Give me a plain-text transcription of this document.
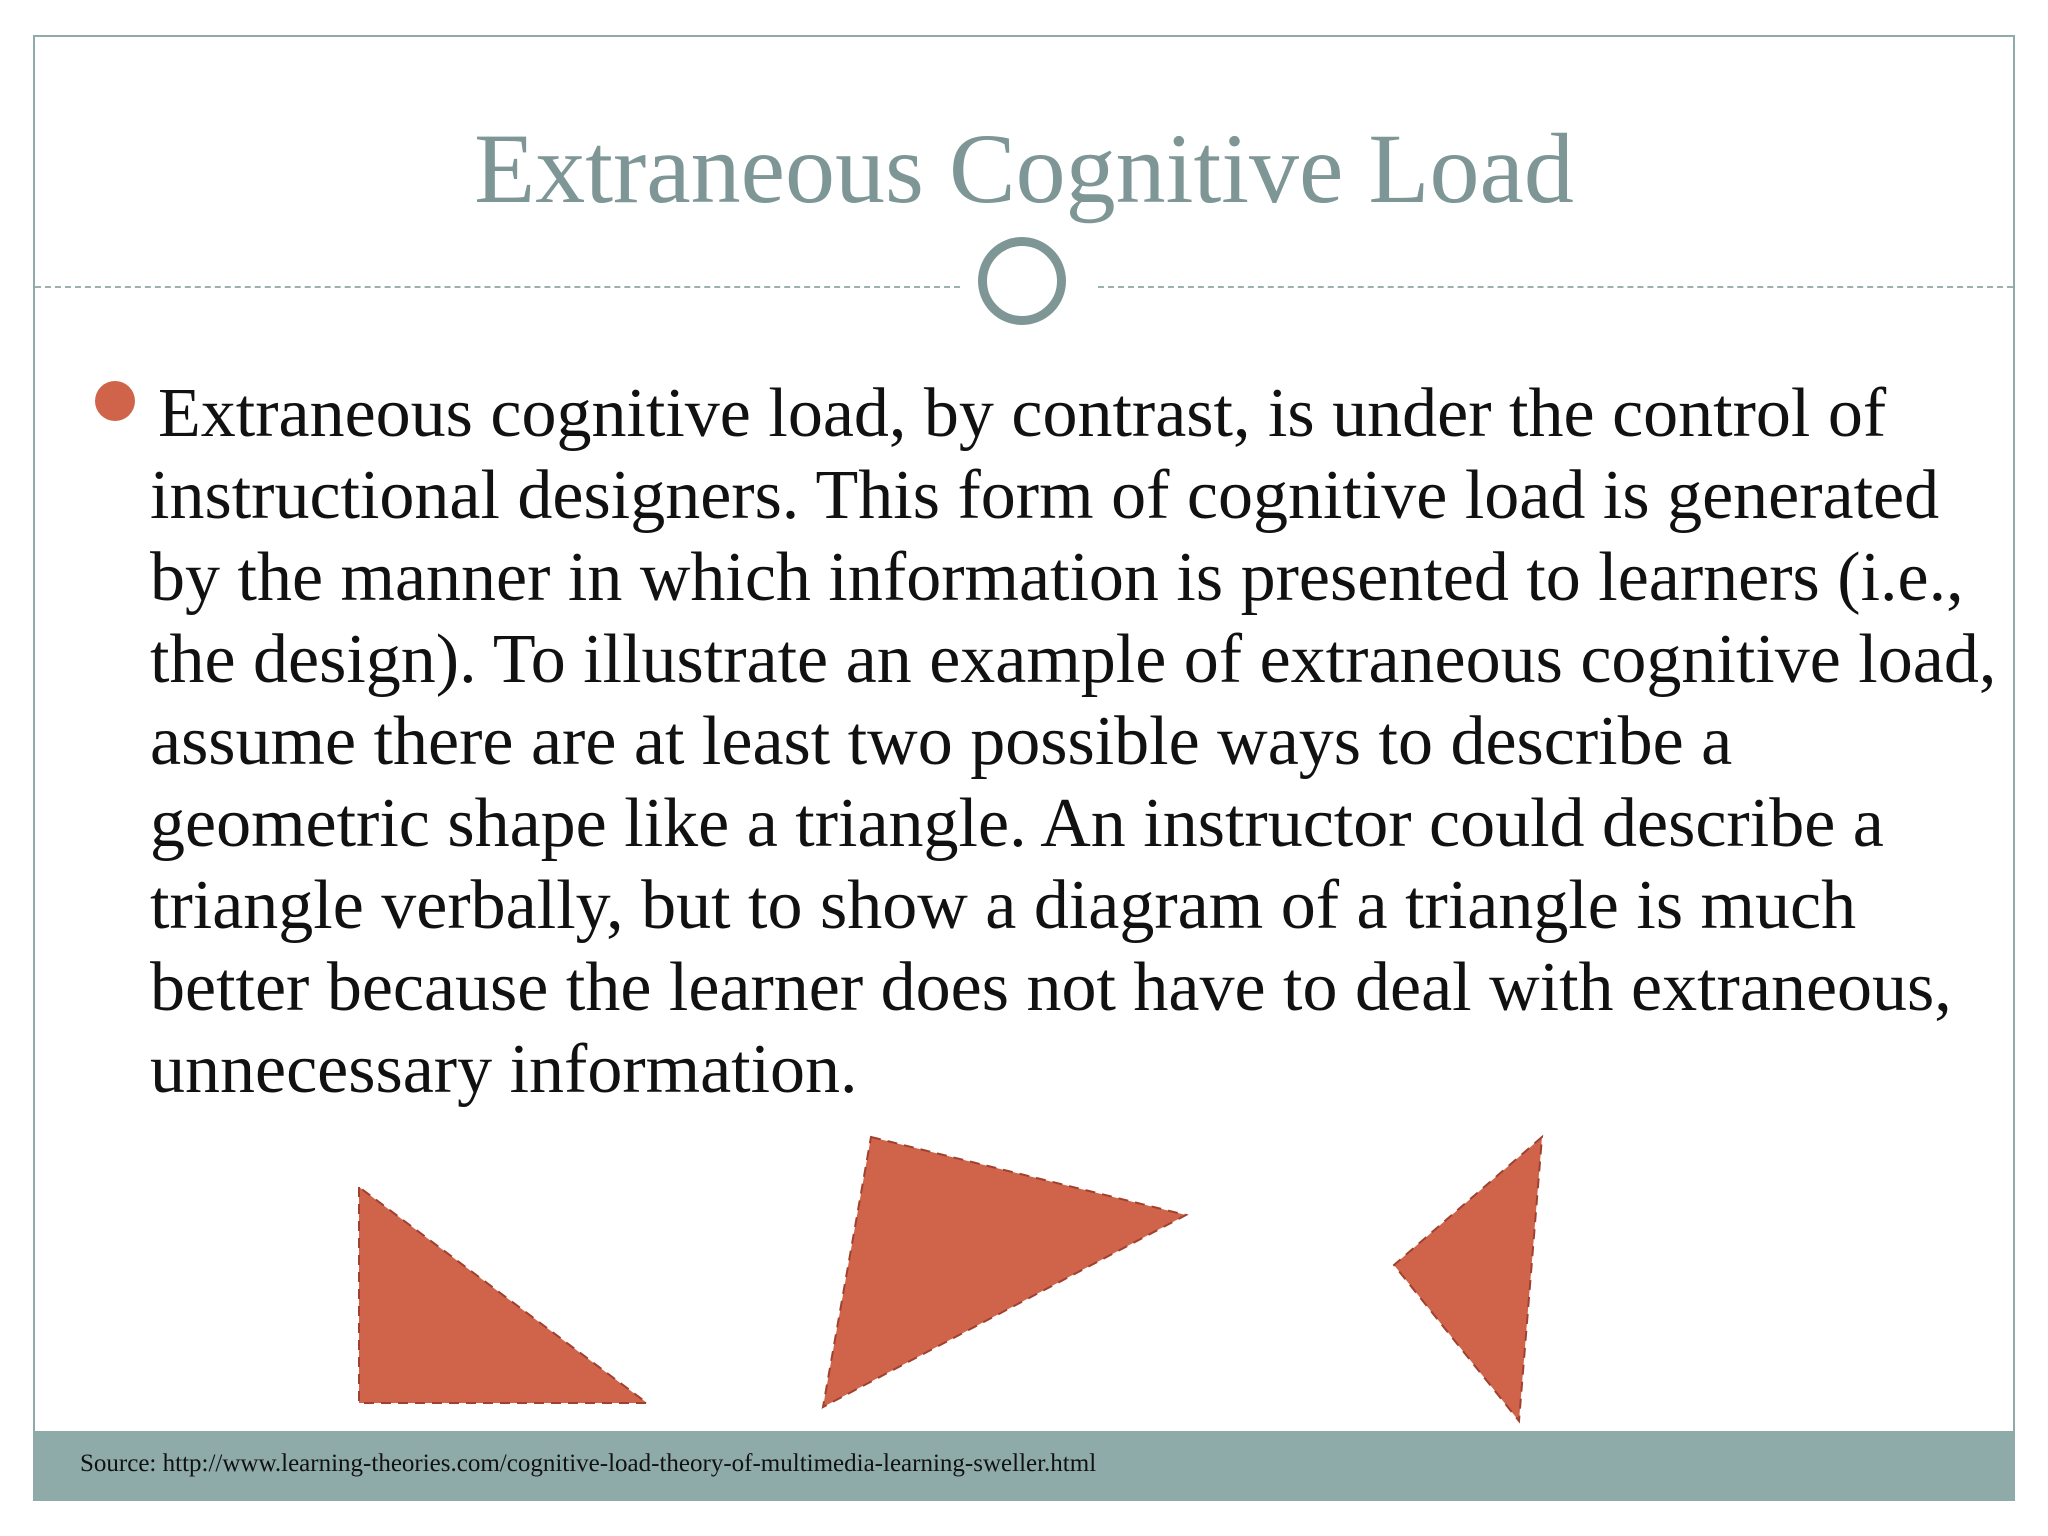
Extraneous Cognitive Load

Extraneous cognitive load, by contrast, is under the control of instructional designers. This form of cognitive load is generated by the manner in which information is presented to learners (i.e., the design). To illustrate an example of extraneous cognitive load, assume there are at least two possible ways to describe a geometric shape like a triangle. An instructor could describe a triangle verbally, but to show a diagram of a triangle is much better because the learner does not have to deal with extraneous, unnecessary information.

Source: http://www.learning-theories.com/cognitive-load-theory-of-multimedia-learning-sweller.html
